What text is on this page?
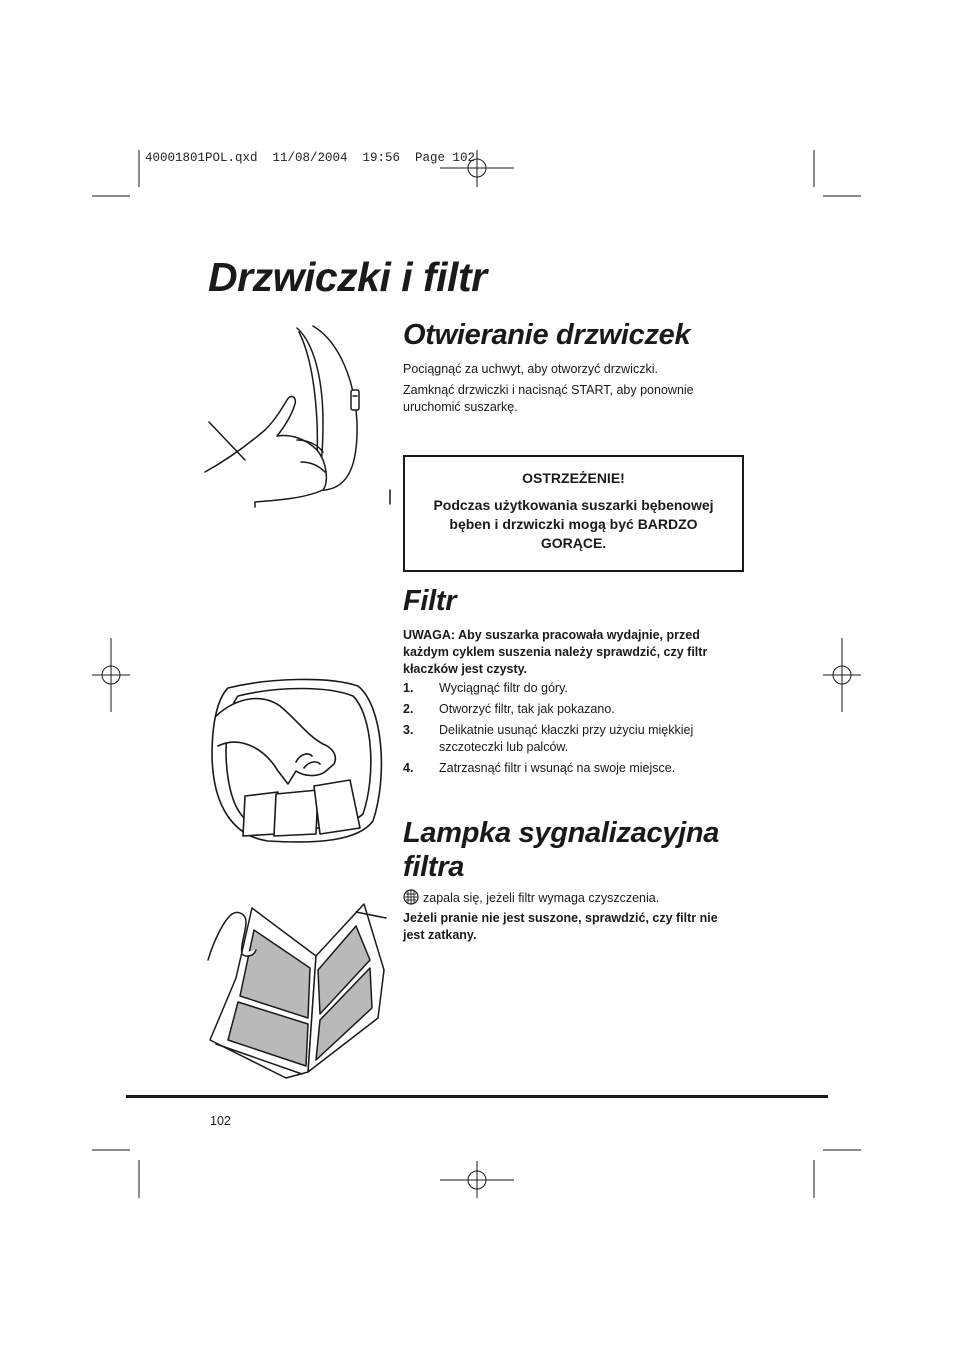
40001801POL.qxd  11/08/2004  19:56  Page 102
Drzwiczki i filtr
Otwieranie drzwiczek

Pociągnąć za uchwyt, aby otworzyć drzwiczki.

Zamknąć drzwiczki i nacisnąć START, aby ponownie uruchomić suszarkę.

OSTRZEŻENIE!
Podczas użytkowania suszarki bębenowej bęben i drzwiczki mogą być BARDZO GORĄCE.
Filtr

UWAGA: Aby suszarka pracowała wydajnie, przed każdym cyklem suszenia należy sprawdzić, czy filtr kłaczków jest czysty.

1.	Wyciągnąć filtr do góry.
2.	Otworzyć filtr, tak jak pokazano.
3.	Delikatnie usunąć kłaczki przy użyciu miękkiej szczoteczki lub palców.
4.	Zatrzasnąć filtr i wsunąć na swoje miejsce.
Lampka sygnalizacyjna filtra

zapala się, jeżeli filtr wymaga czyszczenia.

Jeżeli pranie nie jest suszone, sprawdzić, czy filtr nie jest zatkany.

102
